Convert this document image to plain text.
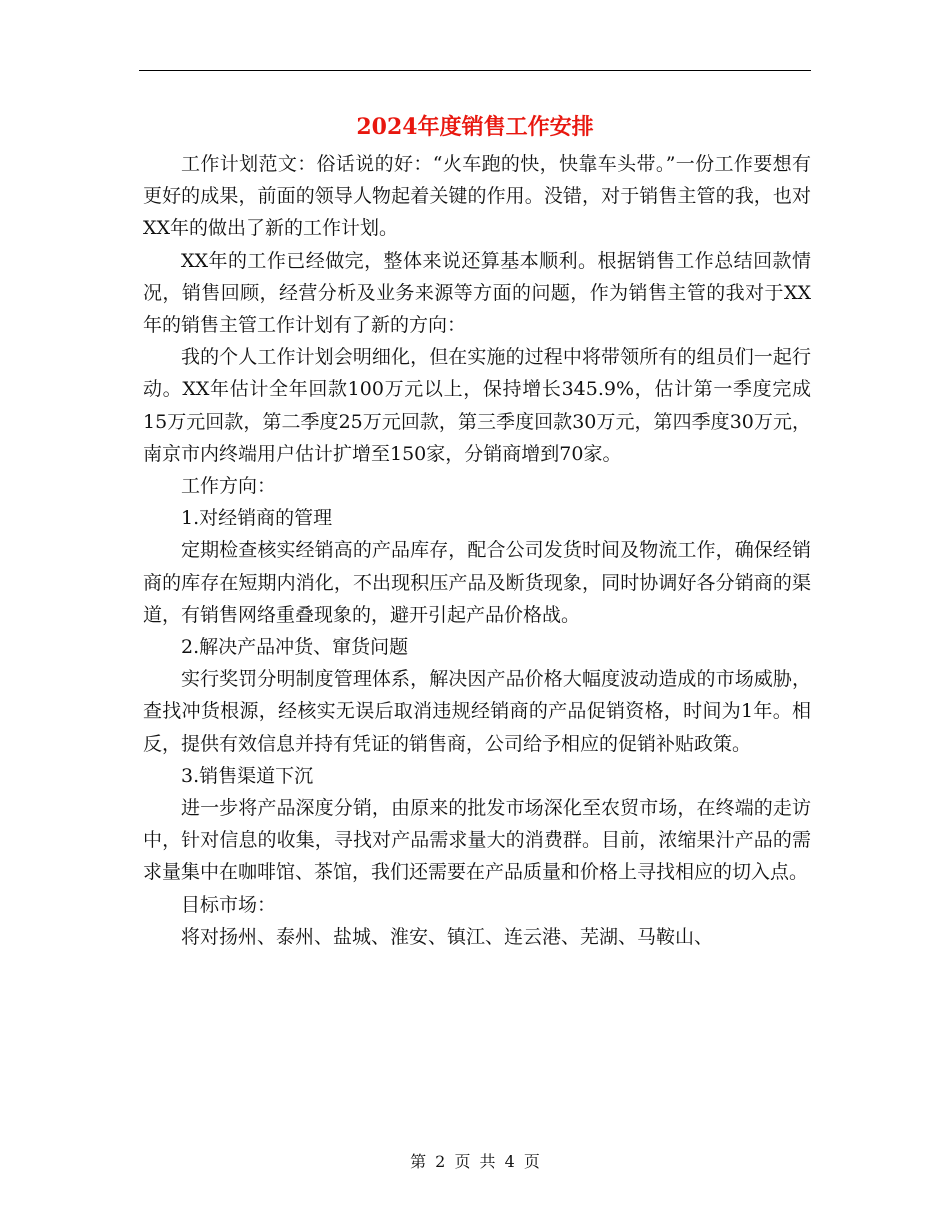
2024年度销售工作安排

工作计划范文：俗话说的好：“火车跑的快，快靠车头带。”一份工作要想有更好的成果，前面的领导人物起着关键的作用。没错，对于销售主管的我，也对XX年的做出了新的工作计划。

XX年的工作已经做完，整体来说还算基本顺利。根据销售工作总结回款情况，销售回顾，经营分析及业务来源等方面的问题，作为销售主管的我对于XX年的销售主管工作计划有了新的方向：

我的个人工作计划会明细化，但在实施的过程中将带领所有的组员们一起行动。XX年估计全年回款100万元以上，保持增长345.9%，估计第一季度完成15万元回款，第二季度25万元回款，第三季度回款30万元，第四季度30万元，南京市内终端用户估计扩增至150家，分销商增到70家。

工作方向：

1.对经销商的管理

定期检查核实经销高的产品库存，配合公司发货时间及物流工作，确保经销商的库存在短期内消化，不出现积压产品及断货现象，同时协调好各分销商的渠道，有销售网络重叠现象的，避开引起产品价格战。

2.解决产品冲货、窜货问题

实行奖罚分明制度管理体系，解决因产品价格大幅度波动造成的市场威胁，查找冲货根源，经核实无误后取消违规经销商的产品促销资格，时间为1年。相反，提供有效信息并持有凭证的销售商，公司给予相应的促销补贴政策。

3.销售渠道下沉

进一步将产品深度分销，由原来的批发市场深化至农贸市场，在终端的走访中，针对信息的收集，寻找对产品需求量大的消费群。目前，浓缩果汁产品的需求量集中在咖啡馆、茶馆，我们还需要在产品质量和价格上寻找相应的切入点。

目标市场：

将对扬州、泰州、盐城、淮安、镇江、连云港、芜湖、马鞍山、

第 2 页 共 4 页
